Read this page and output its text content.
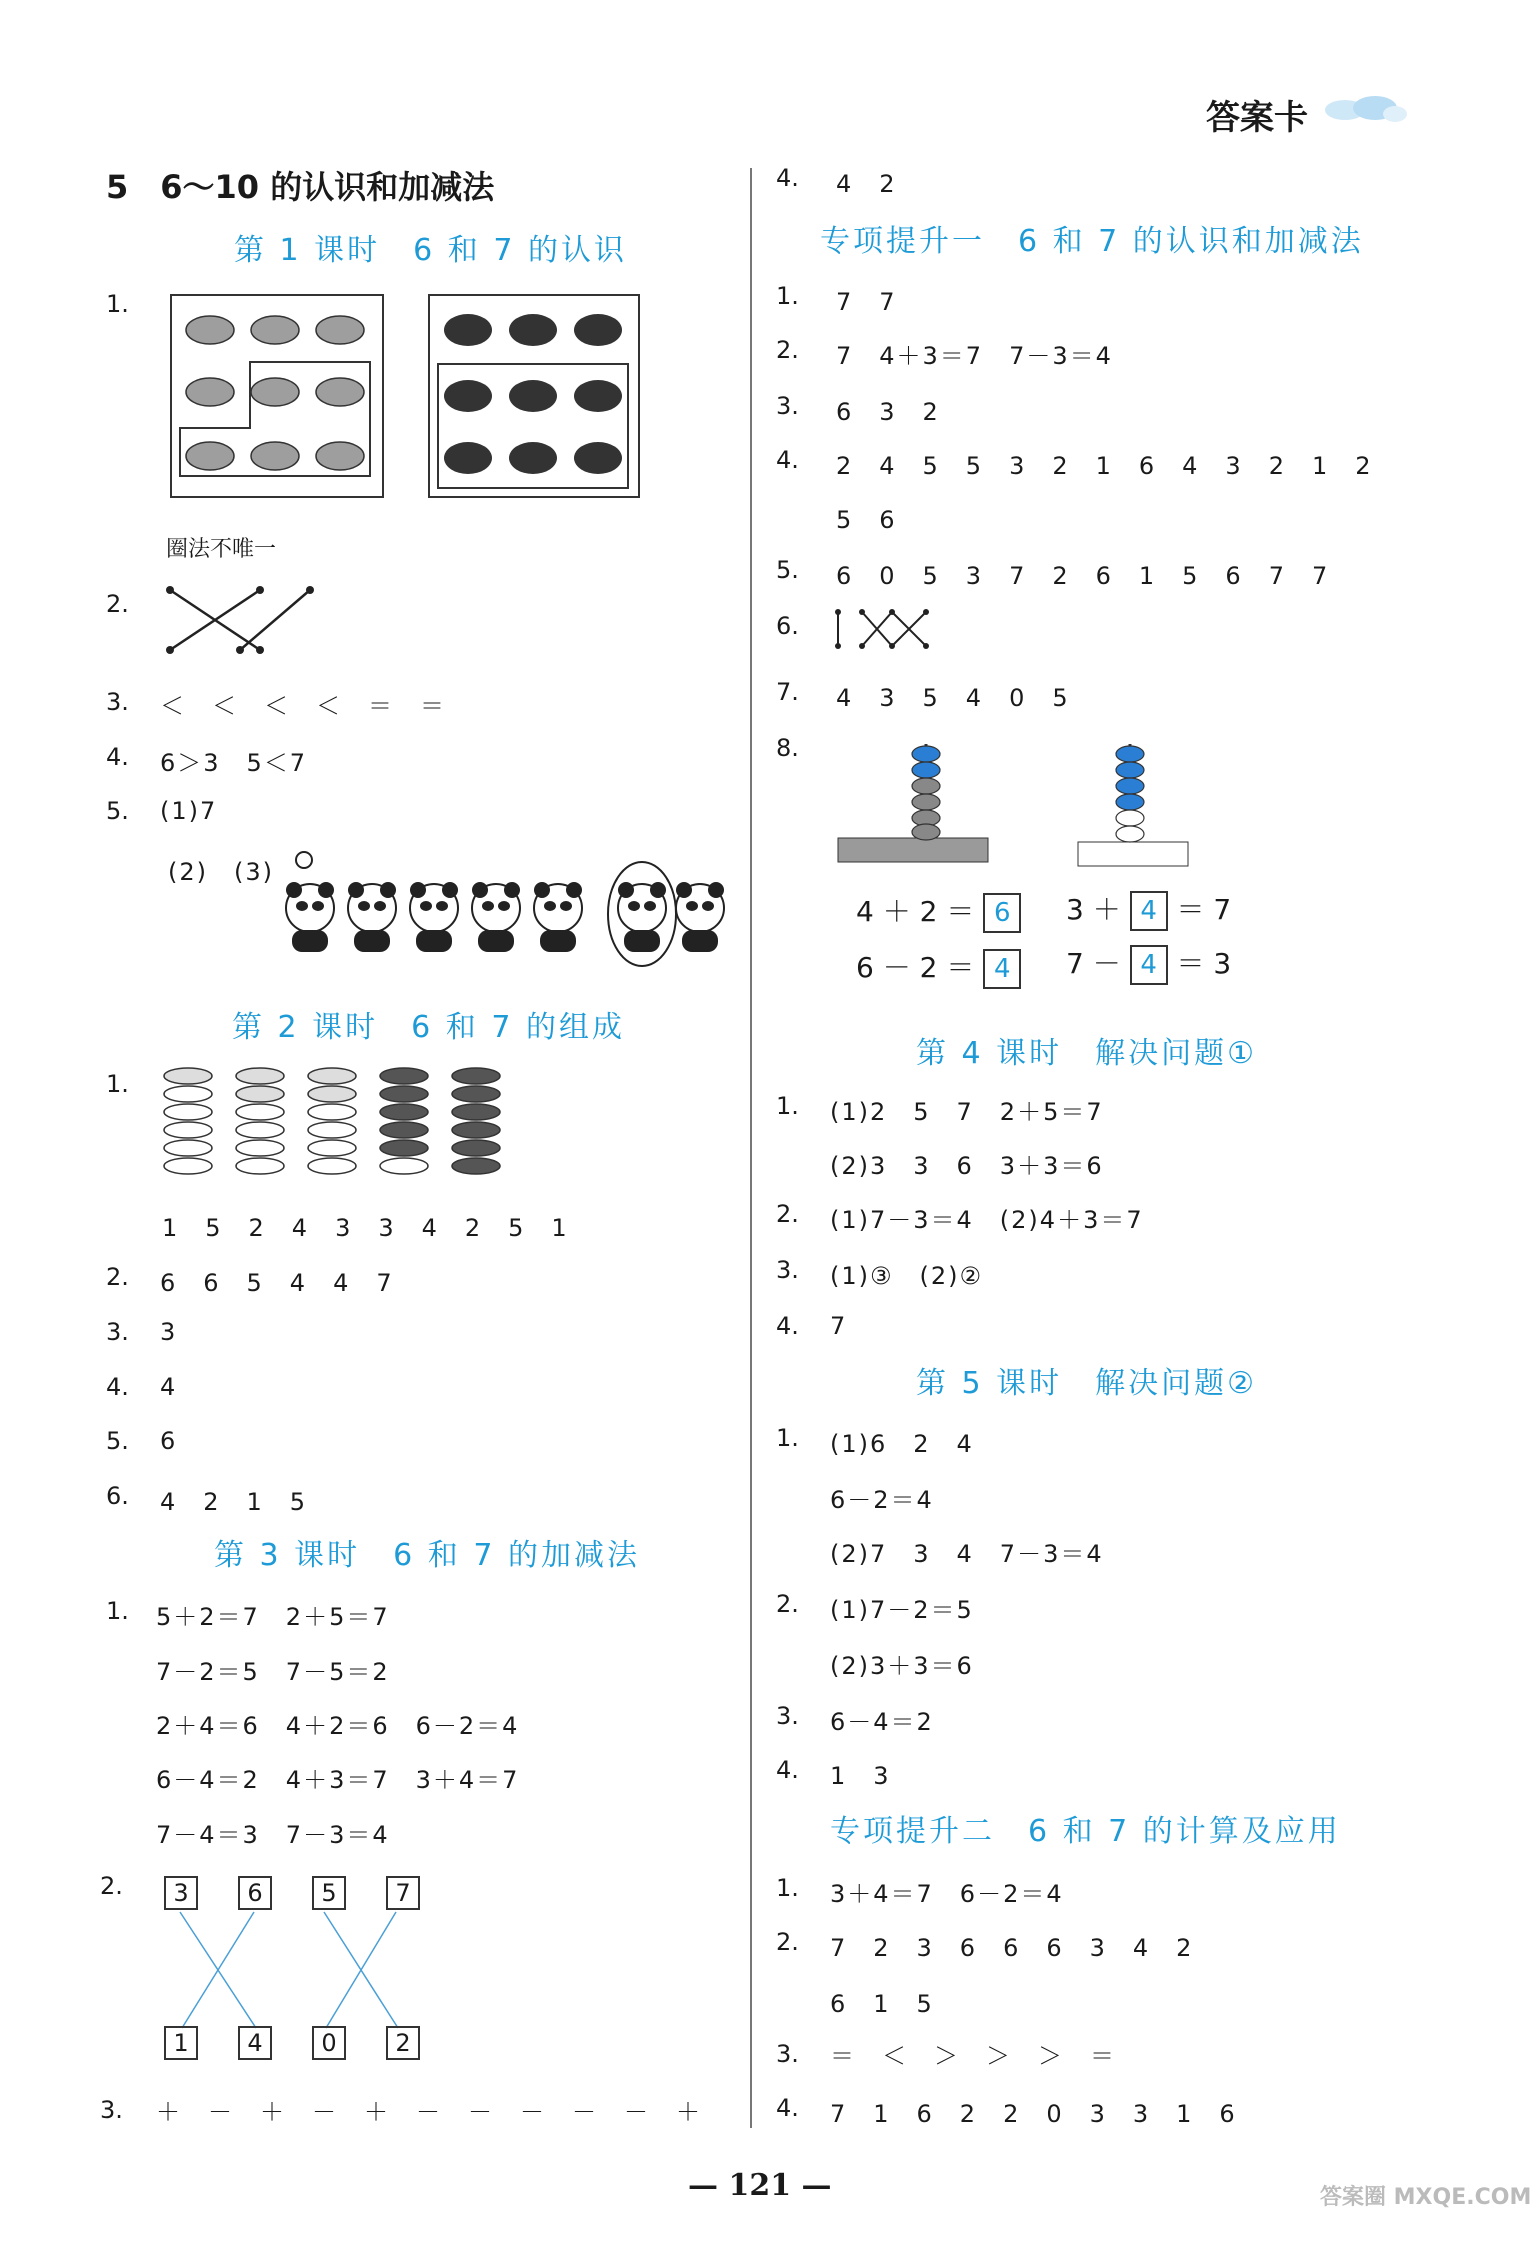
答案卡
5　6～10 的认识和加减法
第 1 课时　6 和 7 的认识
1.
圈法不唯一
2.
3. ＜　＜　＜　＜　＝　＝
4. 6＞3　5＜7
5. (1)7
(2)　(3)
第 2 课时　6 和 7 的组成
1.
1　5　2　4　3　3　4　2　5　1
2. 6　6　5　4　4　7
3. 3
4. 4
5. 6
6. 4　2　1　5
第 3 课时　6 和 7 的加减法
1. 5＋2＝7　2＋5＝7
7－2＝5　7－5＝2
2＋4＝6　4＋2＝6　6－2＝4
6－4＝2　4＋3＝7　3＋4＝7
7－4＝3　7－3＝4
2.	3 6 5 7
1 4 0 2
3. ＋　－　＋　－　＋　－　－　－　－　－　＋
4. 4　2
专项提升一　6 和 7 的认识和加减法
1. 7　7
2. 7　4＋3＝7　7－3＝4
3. 6　3　2
4. 2　4　5　5　3　2　1　6　4　3　2　1　2
5　6
5. 6　0　5　3　7　2　6　1　5　6　7　7
6.
7. 4　3　5　4　0　5
8.
4 ＋ 2 ＝ 6
6 － 2 ＝ 4
3 ＋ 4 ＝ 7
7 － 4 ＝ 3
第 4 课时　解决问题①
1. (1)2　5　7　2＋5＝7
(2)3　3　6　3＋3＝6
2. (1)7－3＝4　(2)4＋3＝7
3. (1)③　(2)②
4. 7
第 5 课时　解决问题②
1. (1)6　2　4
6－2＝4
(2)7　3　4　7－3＝4
2. (1)7－2＝5
(2)3＋3＝6
3. 6－4＝2
4. 1　3
专项提升二　6 和 7 的计算及应用
1. 3＋4＝7　6－2＝4
2. 7　2　3　6　6　6　3　4　2
6　1　5
3. ＝　＜　＞　＞　＞　＝
4. 7　1　6　2　2　0　3　3　1　6
— 121 —	答案圈 MXQE.COM
